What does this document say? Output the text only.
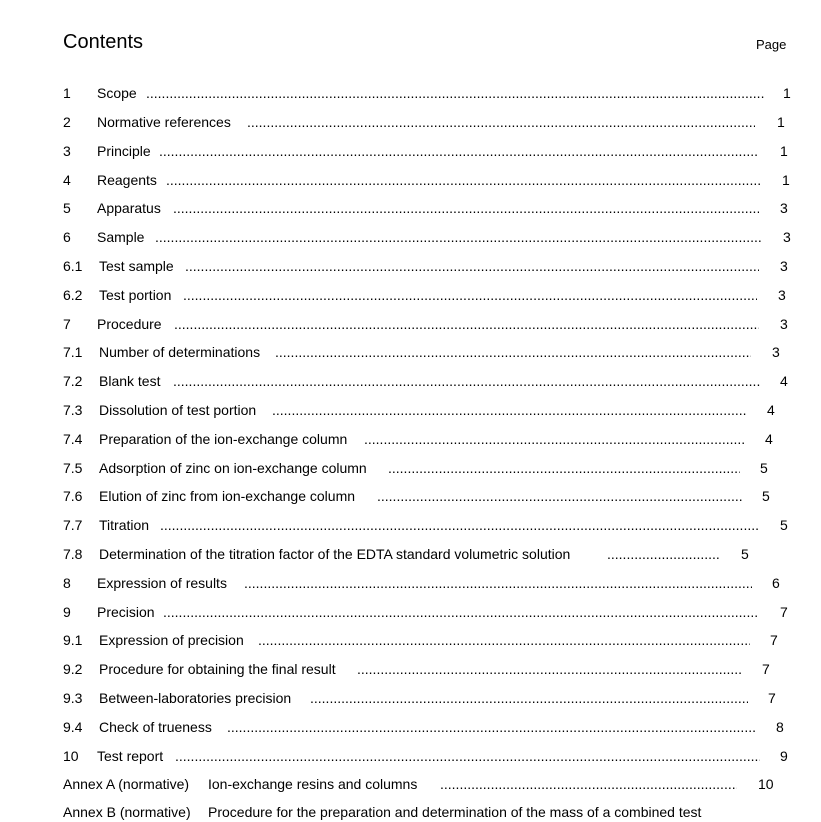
Contents	Page
1 Scope .....	1
2 Normative references .....	1
3 Principle .....	1
4 Reagents .....	1
5 Apparatus .....	3
6 Sample .....	3
6.1 Test sample .....	3
6.2 Test portion .....	3
7 Procedure .....	3
7.1 Number of determinations .....	3
7.2 Blank test .....	4
7.3 Dissolution of test portion .....	4
7.4 Preparation of the ion-exchange column .....	4
7.5 Adsorption of zinc on ion-exchange column .....	5
7.6 Elution of zinc from ion-exchange column .....	5
7.7 Titration .....	5
7.8 Determination of the titration factor of the EDTA standard volumetric solution .....	5
8 Expression of results .....	6
9 Precision .....	7
9.1 Expression of precision .....	7
9.2 Procedure for obtaining the final result .....	7
9.3 Between-laboratories precision .....	7
9.4 Check of trueness .....	8
10 Test report .....	9
Annex A (normative) Ion-exchange resins and columns .....	10
Annex B (normative) Procedure for the preparation and determination of the mass of a combined test
